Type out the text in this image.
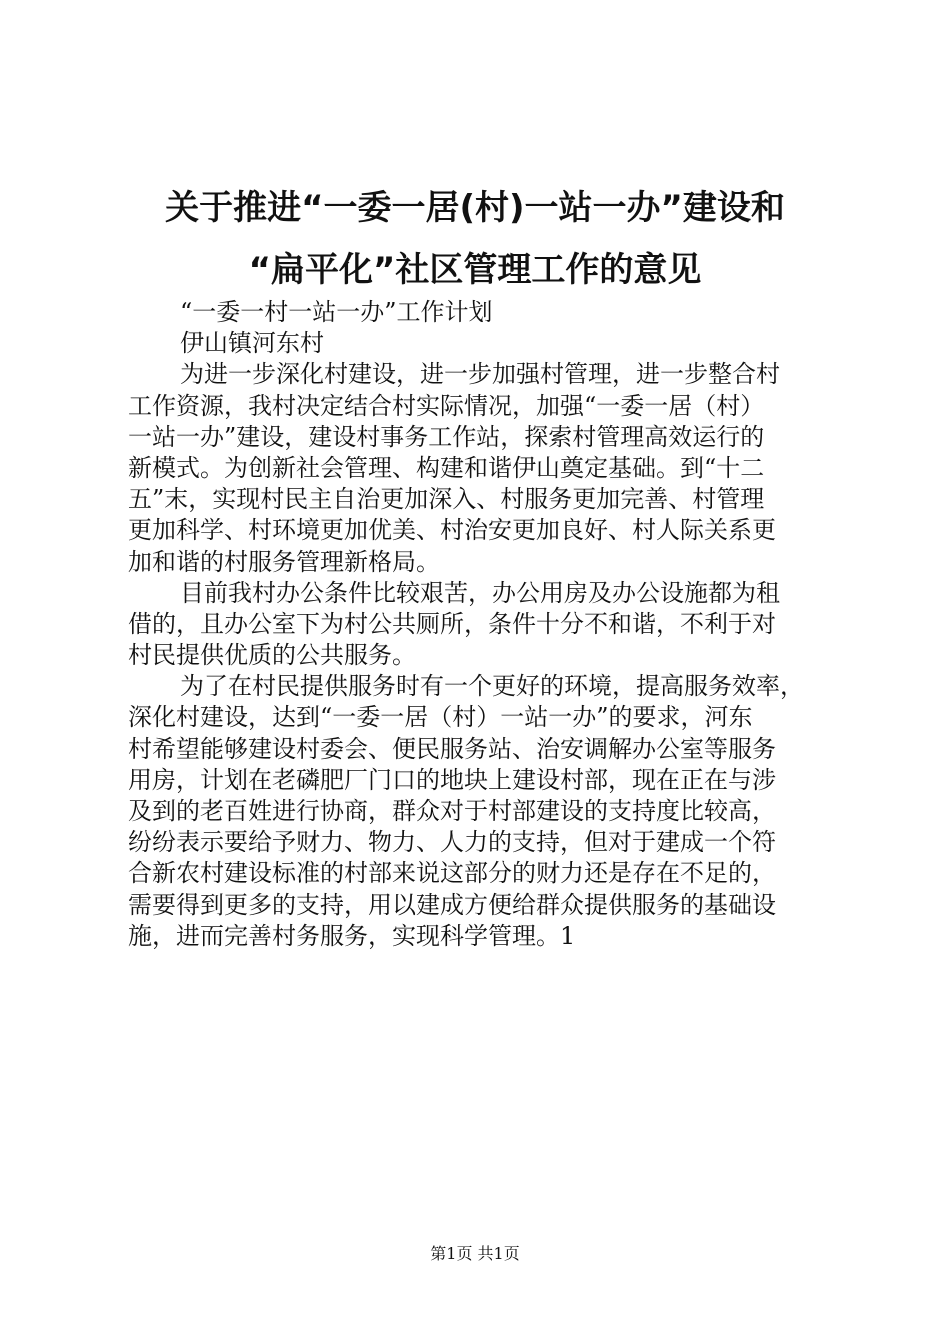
关于推进“一委一居(村)一站一办”建设和
“扁平化”社区管理工作的意见
“一委一村一站一办”工作计划
伊山镇河东村
为进一步深化村建设，进一步加强村管理，进一步整合村
工作资源，我村决定结合村实际情况，加强“一委一居（村）
一站一办”建设，建设村事务工作站，探索村管理高效运行的
新模式。为创新社会管理、构建和谐伊山奠定基础。到“十二
五”末，实现村民主自治更加深入、村服务更加完善、村管理
更加科学、村环境更加优美、村治安更加良好、村人际关系更
加和谐的村服务管理新格局。
目前我村办公条件比较艰苦，办公用房及办公设施都为租
借的，且办公室下为村公共厕所，条件十分不和谐，不利于对
村民提供优质的公共服务。
为了在村民提供服务时有一个更好的环境，提高服务效率，
深化村建设，达到“一委一居（村）一站一办”的要求，河东
村希望能够建设村委会、便民服务站、治安调解办公室等服务
用房，计划在老磷肥厂门口的地块上建设村部，现在正在与涉
及到的老百姓进行协商，群众对于村部建设的支持度比较高，
纷纷表示要给予财力、物力、人力的支持，但对于建成一个符
合新农村建设标准的村部来说这部分的财力还是存在不足的，
需要得到更多的支持，用以建成方便给群众提供服务的基础设
施，进而完善村务服务，实现科学管理。1
第1页 共1页
